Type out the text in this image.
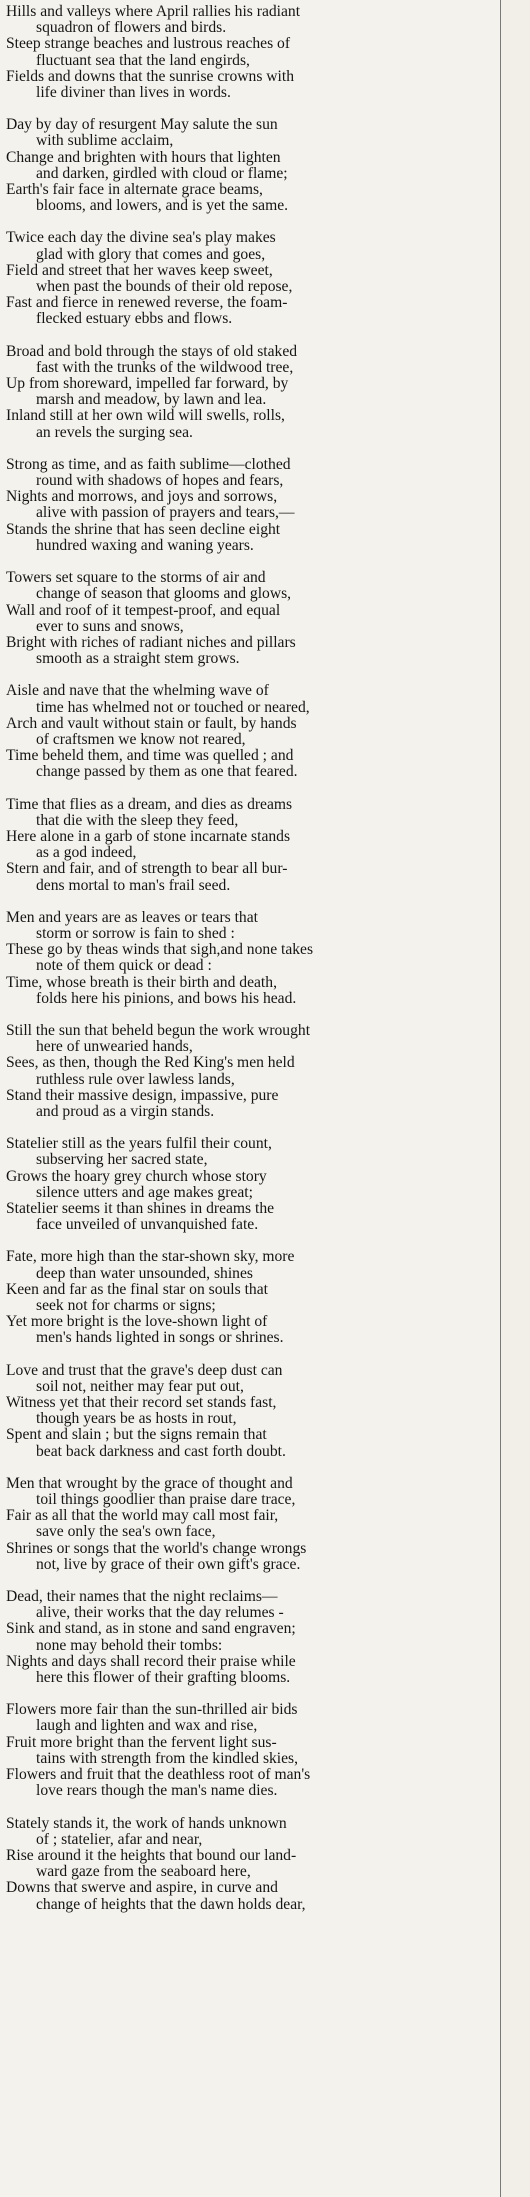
Hills and valleys where April rallies his radiant
squadron of flowers and birds.
Steep strange beaches and lustrous reaches of
fluctuant sea that the land engirds,
Fields and downs that the sunrise crowns with
life diviner than lives in words.
Day by day of resurgent May salute the sun
with sublime acclaim,
Change and brighten with hours that lighten
and darken, girdled with cloud or flame;
Earth's fair face in alternate grace beams,
blooms, and lowers, and is yet the same.
Twice each day the divine sea's play makes
glad with glory that comes and goes,
Field and street that her waves keep sweet,
when past the bounds of their old repose,
Fast and fierce in renewed reverse, the foam-
flecked estuary ebbs and flows.
Broad and bold through the stays of old staked
fast with the trunks of the wildwood tree,
Up from shoreward, impelled far forward, by
marsh and meadow, by lawn and lea.
Inland still at her own wild will swells, rolls,
an revels the surging sea.
Strong as time, and as faith sublime—clothed
round with shadows of hopes and fears,
Nights and morrows, and joys and sorrows,
alive with passion of prayers and tears,—
Stands the shrine that has seen decline eight
hundred waxing and waning years.
Towers set square to the storms of air and
change of season that glooms and glows,
Wall and roof of it tempest-proof, and equal
ever to suns and snows,
Bright with riches of radiant niches and pillars
smooth as a straight stem grows.
Aisle and nave that the whelming wave of
time has whelmed not or touched or neared,
Arch and vault without stain or fault, by hands
of craftsmen we know not reared,
Time beheld them, and time was quelled ; and
change passed by them as one that feared.
Time that flies as a dream, and dies as dreams
that die with the sleep they feed,
Here alone in a garb of stone incarnate stands
as a god indeed,
Stern and fair, and of strength to bear all bur-
dens mortal to man's frail seed.
Men and years are as leaves or tears that
storm or sorrow is fain to shed :
These go by theas winds that sigh,and none takes
note of them quick or dead :
Time, whose breath is their birth and death,
folds here his pinions, and bows his head.
Still the sun that beheld begun the work wrought
here of unwearied hands,
Sees, as then, though the Red King's men held
ruthless rule over lawless lands,
Stand their massive design, impassive, pure
and proud as a virgin stands.
Statelier still as the years fulfil their count,
subserving her sacred state,
Grows the hoary grey church whose story
silence utters and age makes great;
Statelier seems it than shines in dreams the
face unveiled of unvanquished fate.
Fate, more high than the star-shown sky, more
deep than water unsounded, shines
Keen and far as the final star on souls that
seek not for charms or signs;
Yet more bright is the love-shown light of
men's hands lighted in songs or shrines.
Love and trust that the grave's deep dust can
soil not, neither may fear put out,
Witness yet that their record set stands fast,
though years be as hosts in rout,
Spent and slain ; but the signs remain that
beat back darkness and cast forth doubt.
Men that wrought by the grace of thought and
toil things goodlier than praise dare trace,
Fair as all that the world may call most fair,
save only the sea's own face,
Shrines or songs that the world's change wrongs
not, live by grace of their own gift's grace.
Dead, their names that the night reclaims—
alive, their works that the day relumes -
Sink and stand, as in stone and sand engraven;
none may behold their tombs:
Nights and days shall record their praise while
here this flower of their grafting blooms.
Flowers more fair than the sun-thrilled air bids
laugh and lighten and wax and rise,
Fruit more bright than the fervent light sus-
tains with strength from the kindled skies,
Flowers and fruit that the deathless root of man's
love rears though the man's name dies.
Stately stands it, the work of hands unknown
of ; statelier, afar and near,
Rise around it the heights that bound our land-
ward gaze from the seaboard here,
Downs that swerve and aspire, in curve and
change of heights that the dawn holds dear,
